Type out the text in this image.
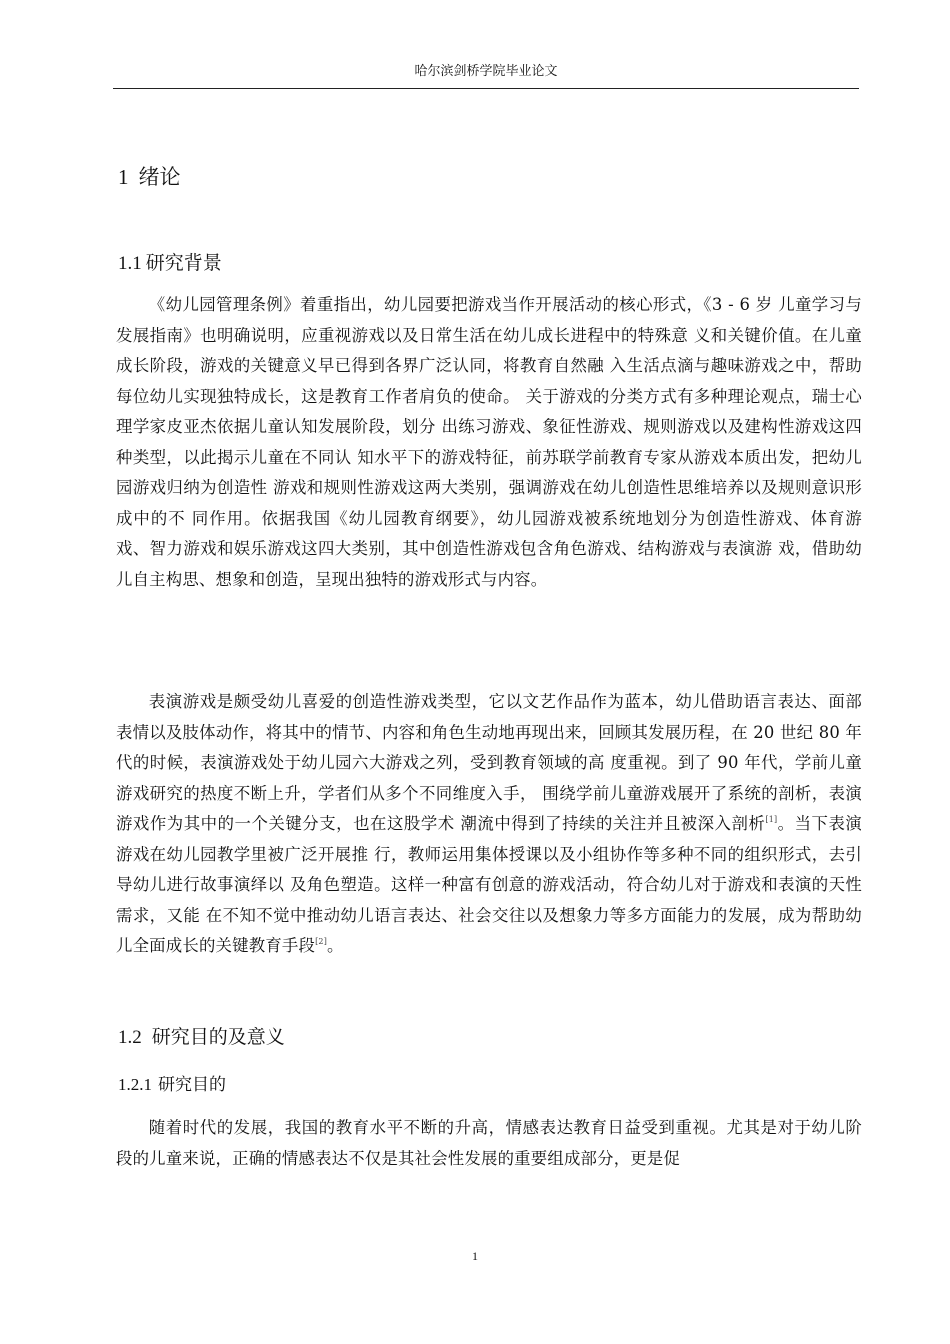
哈尔滨剑桥学院毕业论文
1 绪论
1.1 研究背景
《幼儿园管理条例》着重指出，幼儿园要把游戏当作开展活动的核心形式，《3 - 6 岁 儿童学习与发展指南》也明确说明，应重视游戏以及日常生活在幼儿成长进程中的特殊意 义和关键价值。在儿童成长阶段，游戏的关键意义早已得到各界广泛认同，将教育自然融 入生活点滴与趣味游戏之中，帮助每位幼儿实现独特成长，这是教育工作者肩负的使命。 关于游戏的分类方式有多种理论观点，瑞士心理学家皮亚杰依据儿童认知发展阶段，划分 出练习游戏、象征性游戏、规则游戏以及建构性游戏这四种类型，以此揭示儿童在不同认 知水平下的游戏特征，前苏联学前教育专家从游戏本质出发，把幼儿园游戏归纳为创造性 游戏和规则性游戏这两大类别，强调游戏在幼儿创造性思维培养以及规则意识形成中的不 同作用。依据我国《幼儿园教育纲要》，幼儿园游戏被系统地划分为创造性游戏、体育游 戏、智力游戏和娱乐游戏这四大类别，其中创造性游戏包含角色游戏、结构游戏与表演游 戏，借助幼儿自主构思、想象和创造，呈现出独特的游戏形式与内容。
表演游戏是颇受幼儿喜爱的创造性游戏类型，它以文艺作品作为蓝本，幼儿借助语言表达、面部表情以及肢体动作，将其中的情节、内容和角色生动地再现出来，回顾其发展历程，在 20 世纪 80 年代的时候，表演游戏处于幼儿园六大游戏之列，受到教育领域的高 度重视。到了 90 年代，学前儿童游戏研究的热度不断上升，学者们从多个不同维度入手， 围绕学前儿童游戏展开了系统的剖析，表演游戏作为其中的一个关键分支，也在这股学术 潮流中得到了持续的关注并且被深入剖析[1]。当下表演游戏在幼儿园教学里被广泛开展推 行，教师运用集体授课以及小组协作等多种不同的组织形式，去引导幼儿进行故事演绎以 及角色塑造。这样一种富有创意的游戏活动，符合幼儿对于游戏和表演的天性需求，又能 在不知不觉中推动幼儿语言表达、社会交往以及想象力等多方面能力的发展，成为帮助幼 儿全面成长的关键教育手段[2]。
1.2 研究目的及意义
1.2.1 研究目的
随着时代的发展，我国的教育水平不断的升高，情感表达教育日益受到重视。尤其是对于幼儿阶段的儿童来说，正确的情感表达不仅是其社会性发展的重要组成部分，更是促
1
